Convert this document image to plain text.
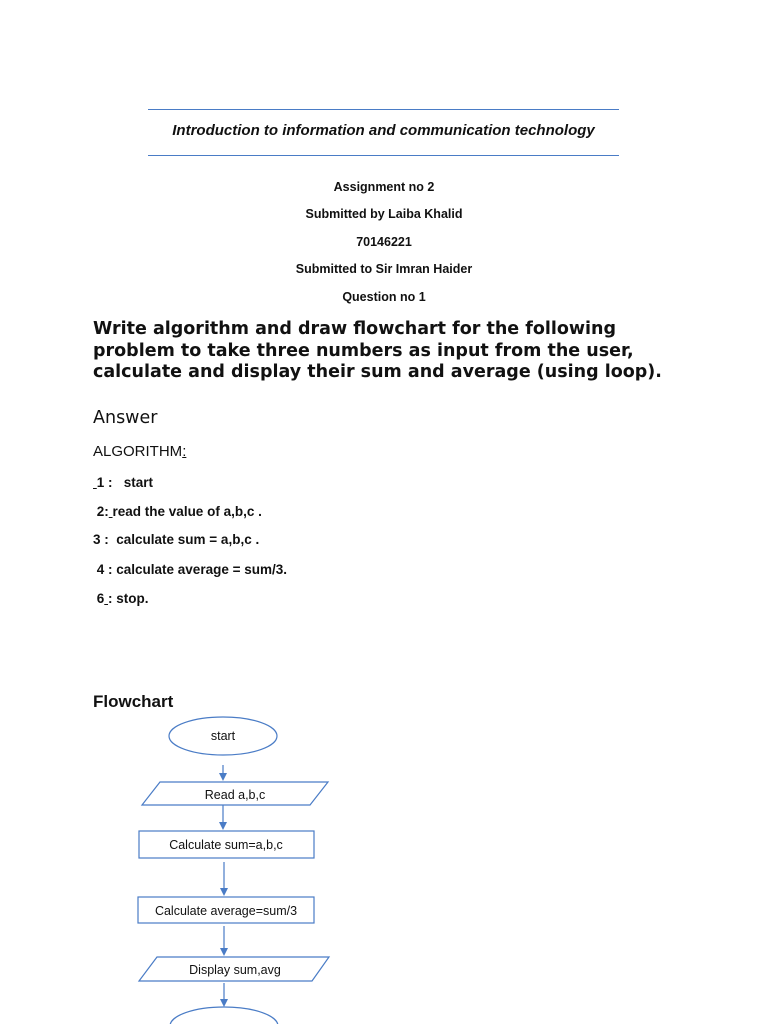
Introduction to information and communication technology
Assignment no 2
Submitted by Laiba Khalid
70146221
Submitted to Sir Imran Haider
Question no 1
Write algorithm and draw flowchart for the following problem to take three numbers as input from the user, calculate and display their sum and average (using loop).
Answer
ALGORITHM:
1 :   start
2: read the value of a,b,c .
3 :  calculate sum = a,b,c .
4 : calculate average = sum/3.
6 : stop.
Flowchart
start
Read a,b,c
Calculate sum=a,b,c
Calculate average=sum/3
Display sum,avg
